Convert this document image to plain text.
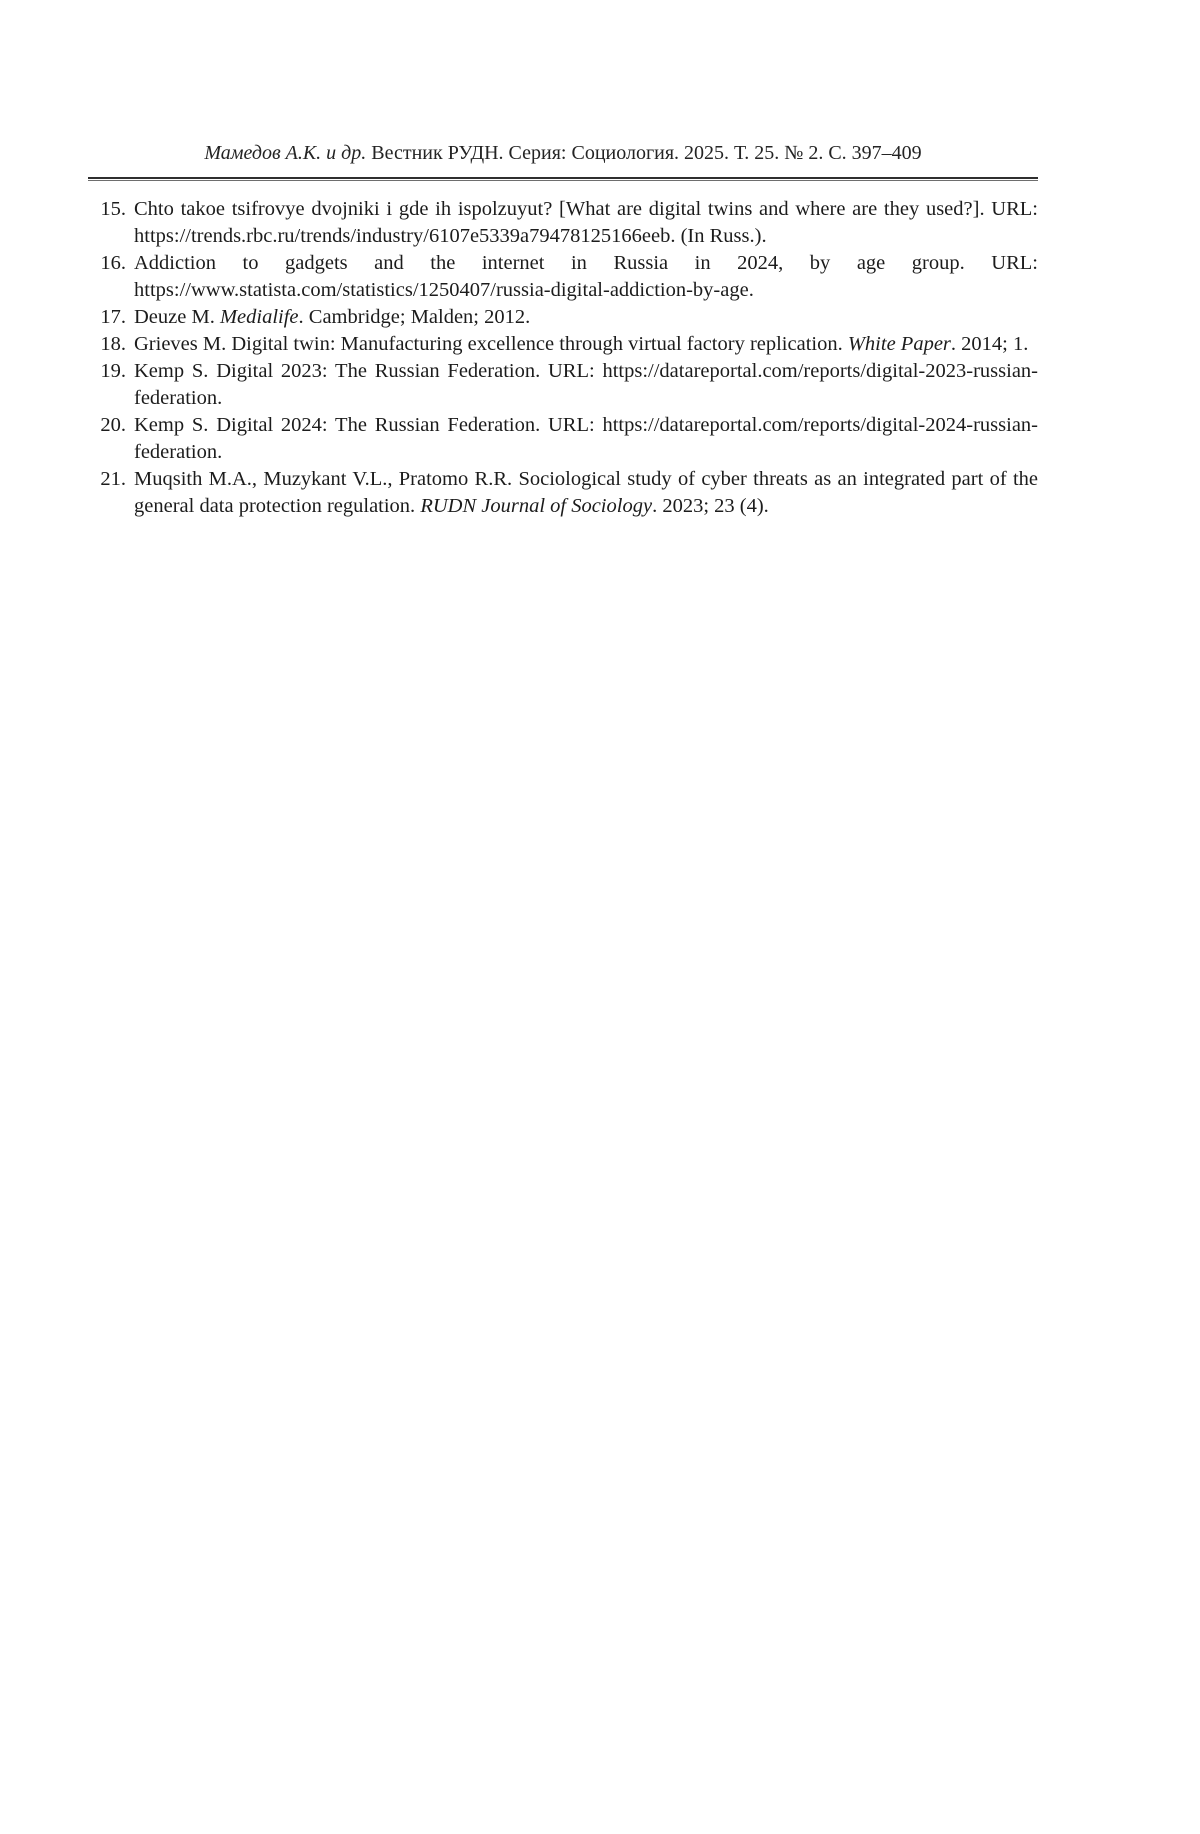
Мамедов А.К. и др. Вестник РУДН. Серия: Социология. 2025. Т. 25. № 2. С. 397–409
15. Chto takoe tsifrovye dvojniki i gde ih ispolzuyut? [What are digital twins and where are they used?]. URL: https://trends.rbc.ru/trends/industry/6107e5339a79478125166eeb. (In Russ.).
16. Addiction to gadgets and the internet in Russia in 2024, by age group. URL: https://www.statista.com/statistics/1250407/russia-digital-addiction-by-age.
17. Deuze M. Medialife. Cambridge; Malden; 2012.
18. Grieves M. Digital twin: Manufacturing excellence through virtual factory replication. White Paper. 2014; 1.
19. Kemp S. Digital 2023: The Russian Federation. URL: https://datareportal.com/reports/digital-2023-russian-federation.
20. Kemp S. Digital 2024: The Russian Federation. URL: https://datareportal.com/reports/digital-2024-russian-federation.
21. Muqsith M.A., Muzykant V.L., Pratomo R.R. Sociological study of cyber threats as an integrated part of the general data protection regulation. RUDN Journal of Sociology. 2023; 23 (4).
